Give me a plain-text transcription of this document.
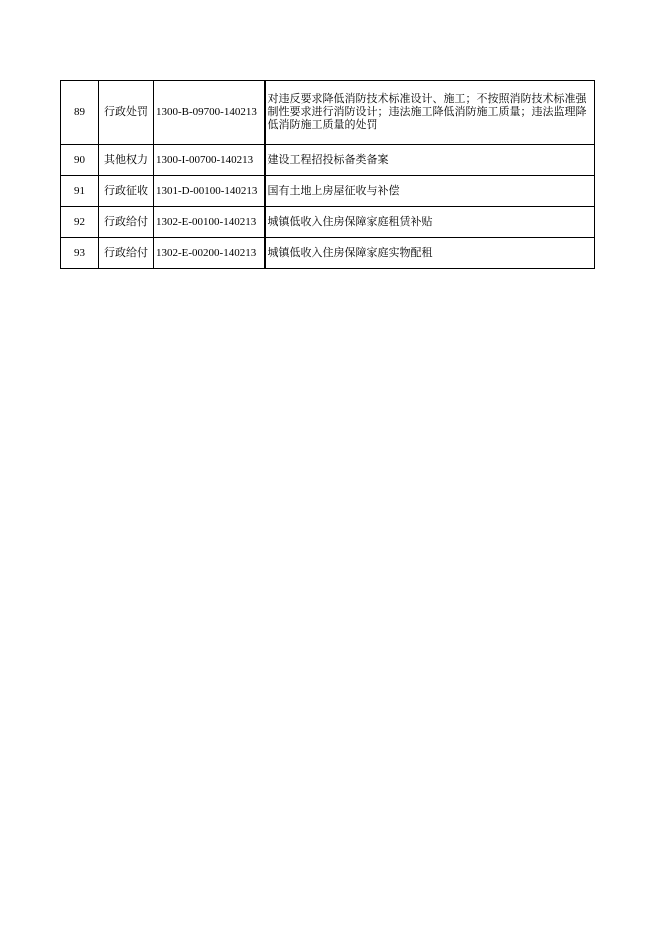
89	行政处罚	1300-B-09700-140213	对违反要求降低消防技术标准设计、施工；不按照消防技术标准强制性要求进行消防设计；违法施工降低消防施工质量；违法监理降低消防施工质量的处罚
90	其他权力	1300-I-00700-140213	建设工程招投标备类备案
91	行政征收	1301-D-00100-140213	国有土地上房屋征收与补偿
92	行政给付	1302-E-00100-140213	城镇低收入住房保障家庭租赁补贴
93	行政给付	1302-E-00200-140213	城镇低收入住房保障家庭实物配租
